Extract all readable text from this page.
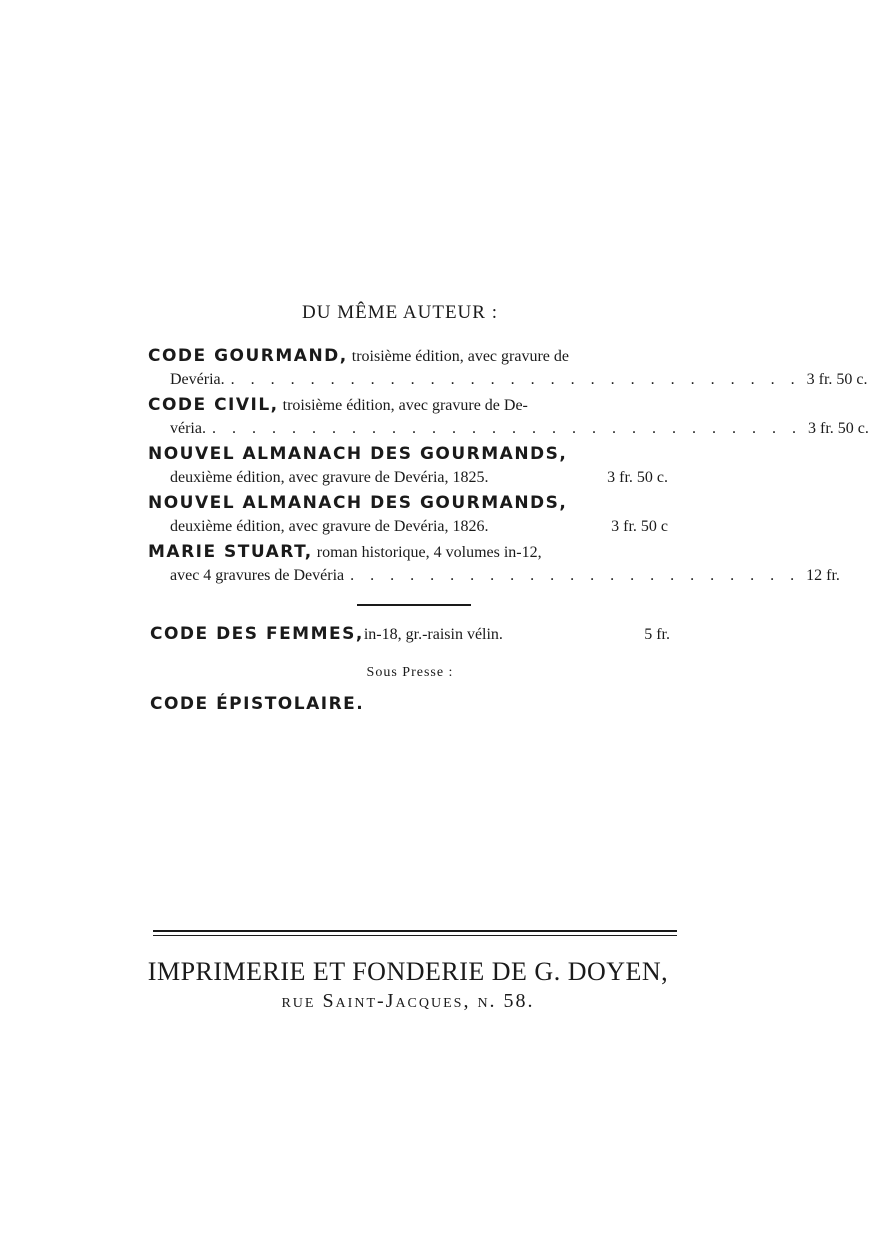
DU MÊME AUTEUR :
CODE GOURMAND, troisième édition, avec gravure de
Devéria. . . . . . . . . . . . . . . . . . . . . . . . . . . . . . 3 fr. 50 c.
CODE CIVIL, troisième édition, avec gravure de De-
véria. . . . . . . . . . . . . . . . . . . . . . . . . . . . . . . 3 fr. 50 c.
NOUVEL ALMANACH DES GOURMANDS,
deuxième édition, avec gravure de Devéria, 1825.	3 fr. 50 c.
NOUVEL ALMANACH DES GOURMANDS,
deuxième édition, avec gravure de Devéria, 1826.	3 fr. 50 c
MARIE STUART, roman historique, 4 volumes in-12,
avec 4 gravures de Devéria . . . . . . . . . . . . . . . . . . . . . . . 12 fr.
CODE DES FEMMES, in-18, gr.-raisin vélin.	5 fr.
Sous Presse :
CODE ÉPISTOLAIRE.
IMPRIMERIE ET FONDERIE DE G. DOYEN,
rue Saint-Jacques, n. 58.
